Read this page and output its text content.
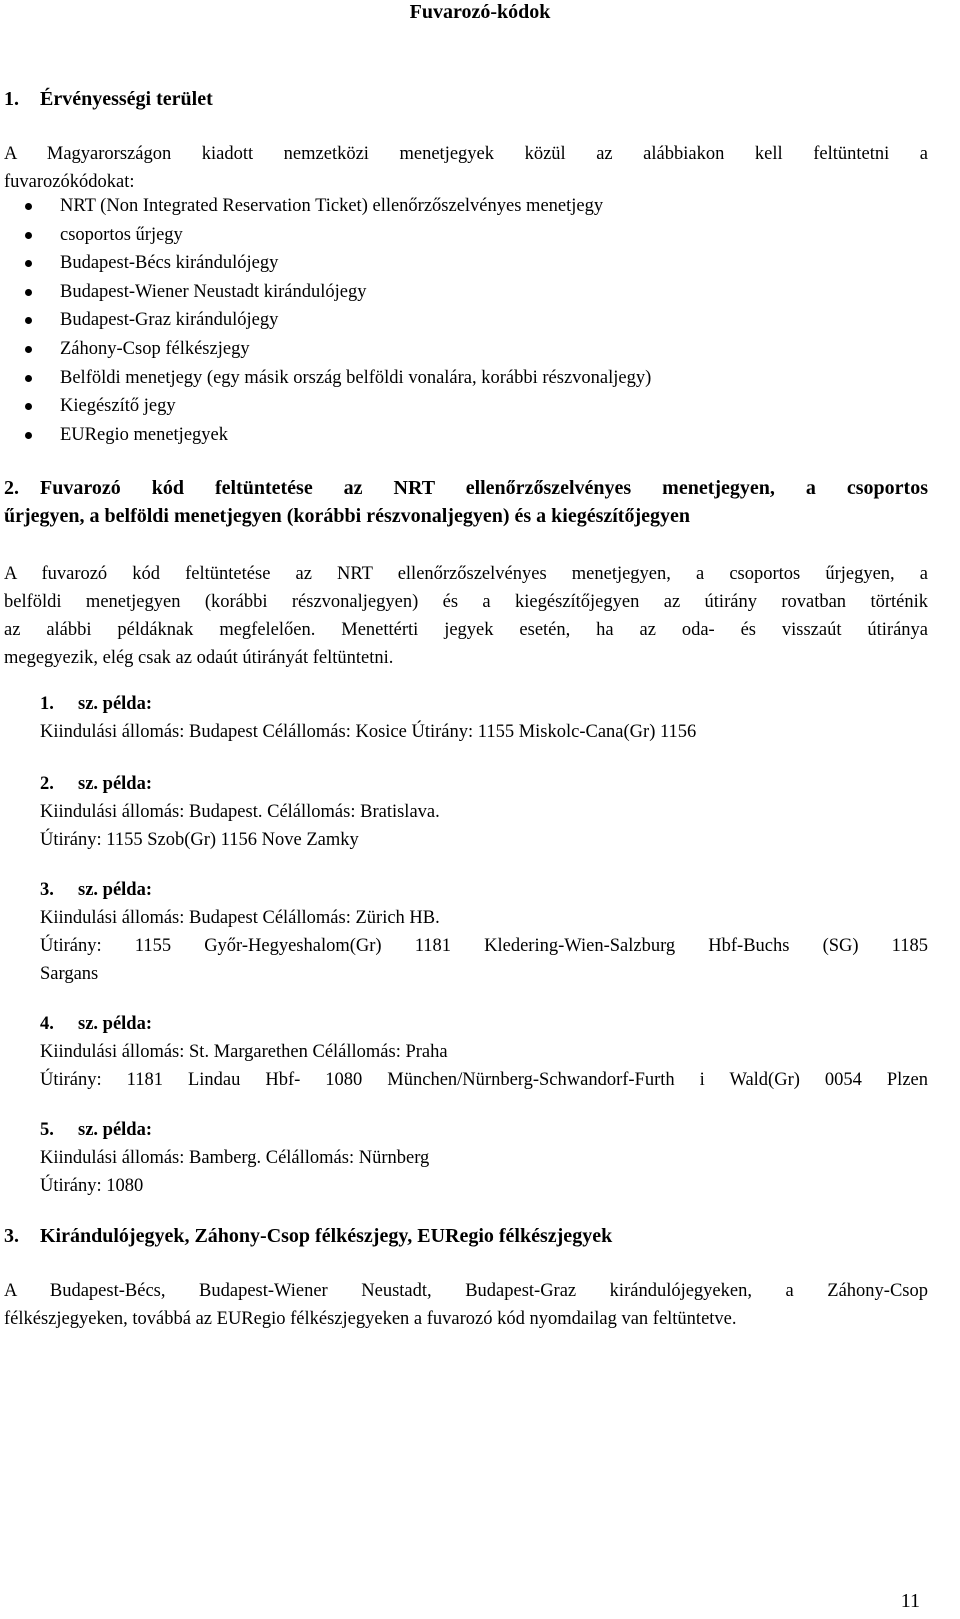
Fuvarozó-kódok
1. Érvényességi terület
A Magyarországon kiadott nemzetközi menetjegyek közül az alábbiakon kell feltüntetni a
fuvarozókódokat:
NRT (Non Integrated Reservation Ticket) ellenőrzőszelvényes menetjegy
csoportos űrjegy
Budapest-Bécs kirándulójegy
Budapest-Wiener Neustadt kirándulójegy
Budapest-Graz kirándulójegy
Záhony-Csop félkészjegy
Belföldi menetjegy (egy másik ország belföldi vonalára, korábbi részvonaljegy)
Kiegészítő jegy
EURegio menetjegyek
2. Fuvarozó kód feltüntetése az NRT ellenőrzőszelvényes menetjegyen, a csoportos
űrjegyen, a belföldi menetjegyen (korábbi részvonaljegyen) és a kiegészítőjegyen
A fuvarozó kód feltüntetése az NRT ellenőrzőszelvényes menetjegyen, a csoportos űrjegyen, a
belföldi menetjegyen (korábbi részvonaljegyen) és a kiegészítőjegyen az útirány rovatban történik
az alábbi példáknak megfelelően. Menettérti jegyek esetén, ha az oda- és visszaút útiránya
megegyezik, elég csak az odaút útirányát feltüntetni.
1. sz. példa:
Kiindulási állomás: Budapest Célállomás: Kosice Útirány: 1155 Miskolc-Cana(Gr) 1156
2. sz. példa:
Kiindulási állomás: Budapest. Célállomás: Bratislava.
Útirány: 1155 Szob(Gr) 1156 Nove Zamky
3. sz. példa:
Kiindulási állomás: Budapest Célállomás: Zürich HB.
Útirány: 1155 Győr-Hegyeshalom(Gr) 1181 Kledering-Wien-Salzburg Hbf-Buchs (SG) 1185
Sargans
4. sz. példa:
Kiindulási állomás: St. Margarethen Célállomás: Praha
Útirány: 1181 Lindau Hbf- 1080 München/Nürnberg-Schwandorf-Furth i Wald(Gr) 0054 Plzen
5. sz. példa:
Kiindulási állomás: Bamberg. Célállomás: Nürnberg
Útirány: 1080
3. Kirándulójegyek, Záhony-Csop félkészjegy, EURegio félkészjegyek
A Budapest-Bécs, Budapest-Wiener Neustadt, Budapest-Graz kirándulójegyeken, a Záhony-Csop
félkészjegyeken, továbbá az EURegio félkészjegyeken a fuvarozó kód nyomdailag van feltüntetve.
11
